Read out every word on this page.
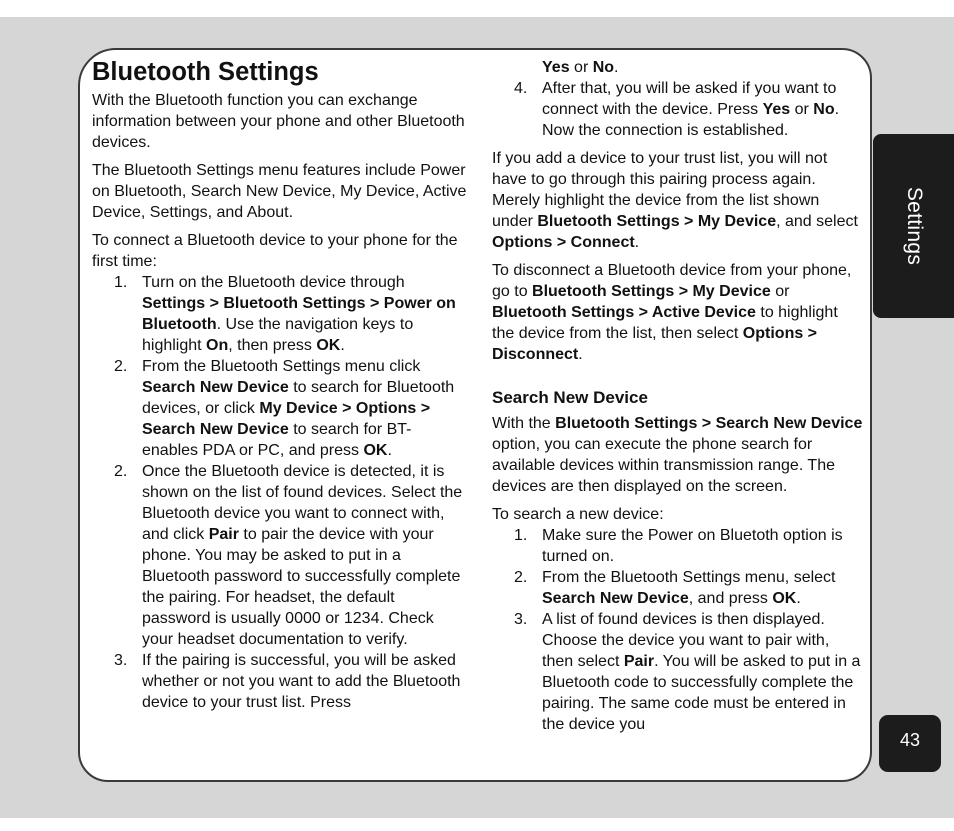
Settings
43
Bluetooth Settings

With the Bluetooth function you can exchange information between your phone and other Bluetooth devices.

The Bluetooth Settings menu features include Power on Bluetooth, Search New Device, My Device, Active Device, Settings, and About.

To connect a Bluetooth device to your phone for the first time:

1. Turn on the Bluetooth device through Settings > Bluetooth Settings > Power on Bluetooth. Use the navigation keys to highlight On, then press OK.
2. From the Bluetooth Settings menu click Search New Device to search for Bluetooth devices, or click My Device > Options > Search New Device to search for BT-enables PDA or PC, and press OK.
2. Once the Bluetooth device is detected, it is shown on the list of found devices. Select the Bluetooth device you want to connect with, and click Pair to pair the device with your phone. You may be asked to put in a Bluetooth password to successfully complete the pairing. For headset, the default password is usually 0000 or 1234. Check your headset documentation to verify.
3. If the pairing is successful, you will be asked whether or not you want to add the Bluetooth device to your trust list. Press
Yes or No.
4. After that, you will be asked if you want to connect with the device. Press Yes or No. Now the connection is established.

If you add a device to your trust list, you will not have to go through this pairing process again. Merely highlight the device from the list shown under Bluetooth Settings > My Device, and select Options > Connect.

To disconnect a Bluetooth device from your phone, go to Bluetooth Settings > My Device or Bluetooth Settings > Active Device to highlight the device from the list, then select Options > Disconnect.

Search New Device

With the Bluetooth Settings > Search New Device option, you can execute the phone search for available devices within transmission range. The devices are then displayed on the screen.

To search a new device:

1. Make sure the Power on Bluetoth option is turned on.
2. From the Bluetooth Settings menu, select Search New Device, and press OK.
3. A list of found devices is then displayed. Choose the device you want to pair with, then select Pair. You will be asked to put in a Bluetooth code to successfully complete the pairing. The same code must be entered in the device you
